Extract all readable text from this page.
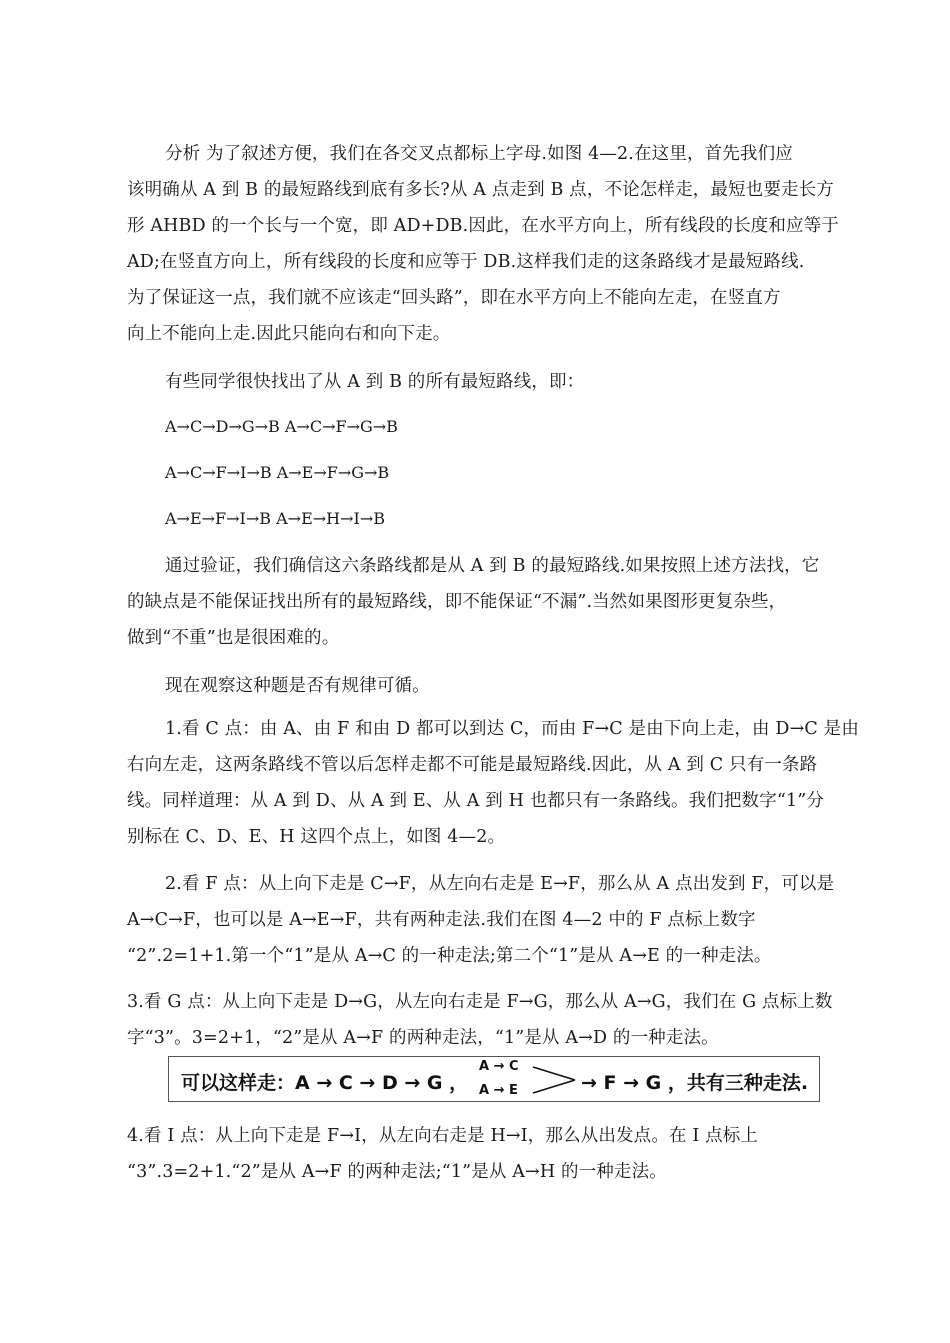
分析 为了叙述方便，我们在各交叉点都标上字母.如图 4—2.在这里，首先我们应
该明确从 A 到 B 的最短路线到底有多长?从 A 点走到 B 点，不论怎样走，最短也要走长方
形 AHBD 的一个长与一个宽，即 AD+DB.因此，在水平方向上，所有线段的长度和应等于
AD;在竖直方向上，所有线段的长度和应等于 DB.这样我们走的这条路线才是最短路线.
为了保证这一点，我们就不应该走“回头路”，即在水平方向上不能向左走，在竖直方
向上不能向上走.因此只能向右和向下走。
有些同学很快找出了从 A 到 B 的所有最短路线，即：
A→C→D→G→B A→C→F→G→B
A→C→F→I→B A→E→F→G→B
A→E→F→I→B A→E→H→I→B
通过验证，我们确信这六条路线都是从 A 到 B 的最短路线.如果按照上述方法找，它
的缺点是不能保证找出所有的最短路线，即不能保证“不漏”.当然如果图形更复杂些，
做到“不重”也是很困难的。
现在观察这种题是否有规律可循。
1.看 C 点：由 A、由 F 和由 D 都可以到达 C，而由 F→C 是由下向上走，由 D→C 是由
右向左走，这两条路线不管以后怎样走都不可能是最短路线.因此，从 A 到 C 只有一条路
线。同样道理：从 A 到 D、从 A 到 E、从 A 到 H 也都只有一条路线。我们把数字“1”分
别标在 C、D、E、H 这四个点上，如图 4—2。
2.看 F 点：从上向下走是 C→F，从左向右走是 E→F，那么从 A 点出发到 F，可以是
A→C→F，也可以是 A→E→F，共有两种走法.我们在图 4—2 中的 F 点标上数字
“2”.2=1+1.第一个“1”是从 A→C 的一种走法;第二个“1”是从 A→E 的一种走法。
3.看 G 点：从上向下走是 D→G，从左向右走是 F→G，那么从 A→G，我们在 G 点标上数
字“3”。3=2+1，“2”是从 A→F 的两种走法，“1”是从 A→D 的一种走法。
可以这样走：A → C → D → G ，
A → C
A → E	→ F → G ，共有三种走法.
4.看 I 点：从上向下走是 F→I，从左向右走是 H→I，那么从出发点。在 I 点标上
“3”.3=2+1.“2”是从 A→F 的两种走法;“1”是从 A→H 的一种走法。
